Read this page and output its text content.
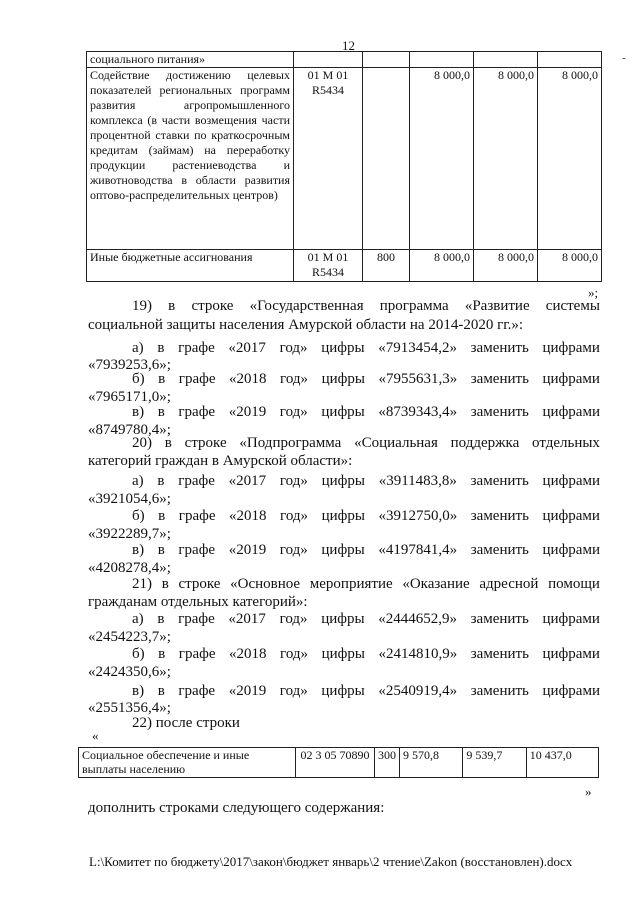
12
-
социального питания»					
Содействие достижению целевых показателей региональных программ развития агропромышленного комплекса (в части возмещения части процентной ставки по краткосрочным кредитам (займам) на переработку продукции растениеводства и животноводства в области развития оптово-распределительных центров)	01 М 01 R5434		8 000,0	8 000,0	8 000,0
Иные бюджетные ассигнования	01 М 01 R5434	800	8 000,0	8 000,0	8 000,0
»;
19) в строке «Государственная программа «Развитие системы
социальной защиты населения Амурской области на 2014-2020 гг.»:
а) в графе «2017 год» цифры «7913454,2» заменить цифрами
«7939253,6»;
б) в графе «2018 год» цифры «7955631,3» заменить цифрами
«7965171,0»;
в) в графе «2019 год» цифры «8739343,4» заменить цифрами
«8749780,4»;
20) в строке «Подпрограмма «Социальная поддержка отдельных
категорий граждан в Амурской области»:
а) в графе «2017 год» цифры «3911483,8» заменить цифрами
«3921054,6»;
б) в графе «2018 год» цифры «3912750,0» заменить цифрами
«3922289,7»;
в) в графе «2019 год» цифры «4197841,4» заменить цифрами
«4208278,4»;
21) в строке «Основное мероприятие «Оказание адресной помощи
гражданам отдельных категорий»:
а) в графе «2017 год» цифры «2444652,9» заменить цифрами
«2454223,7»;
б) в графе «2018 год» цифры «2414810,9» заменить цифрами
«2424350,6»;
в) в графе «2019 год» цифры «2540919,4» заменить цифрами
«2551356,4»;
22) после строки
«
Социальное обеспечение и иные выплаты населению	02 3 05 70890	300	9 570,8	9 539,7	10 437,0
»
дополнить строками следующего содержания:
L:\Комитет по бюджету\2017\закон\бюджет январь\2 чтение\Zakon (восстановлен).docx
